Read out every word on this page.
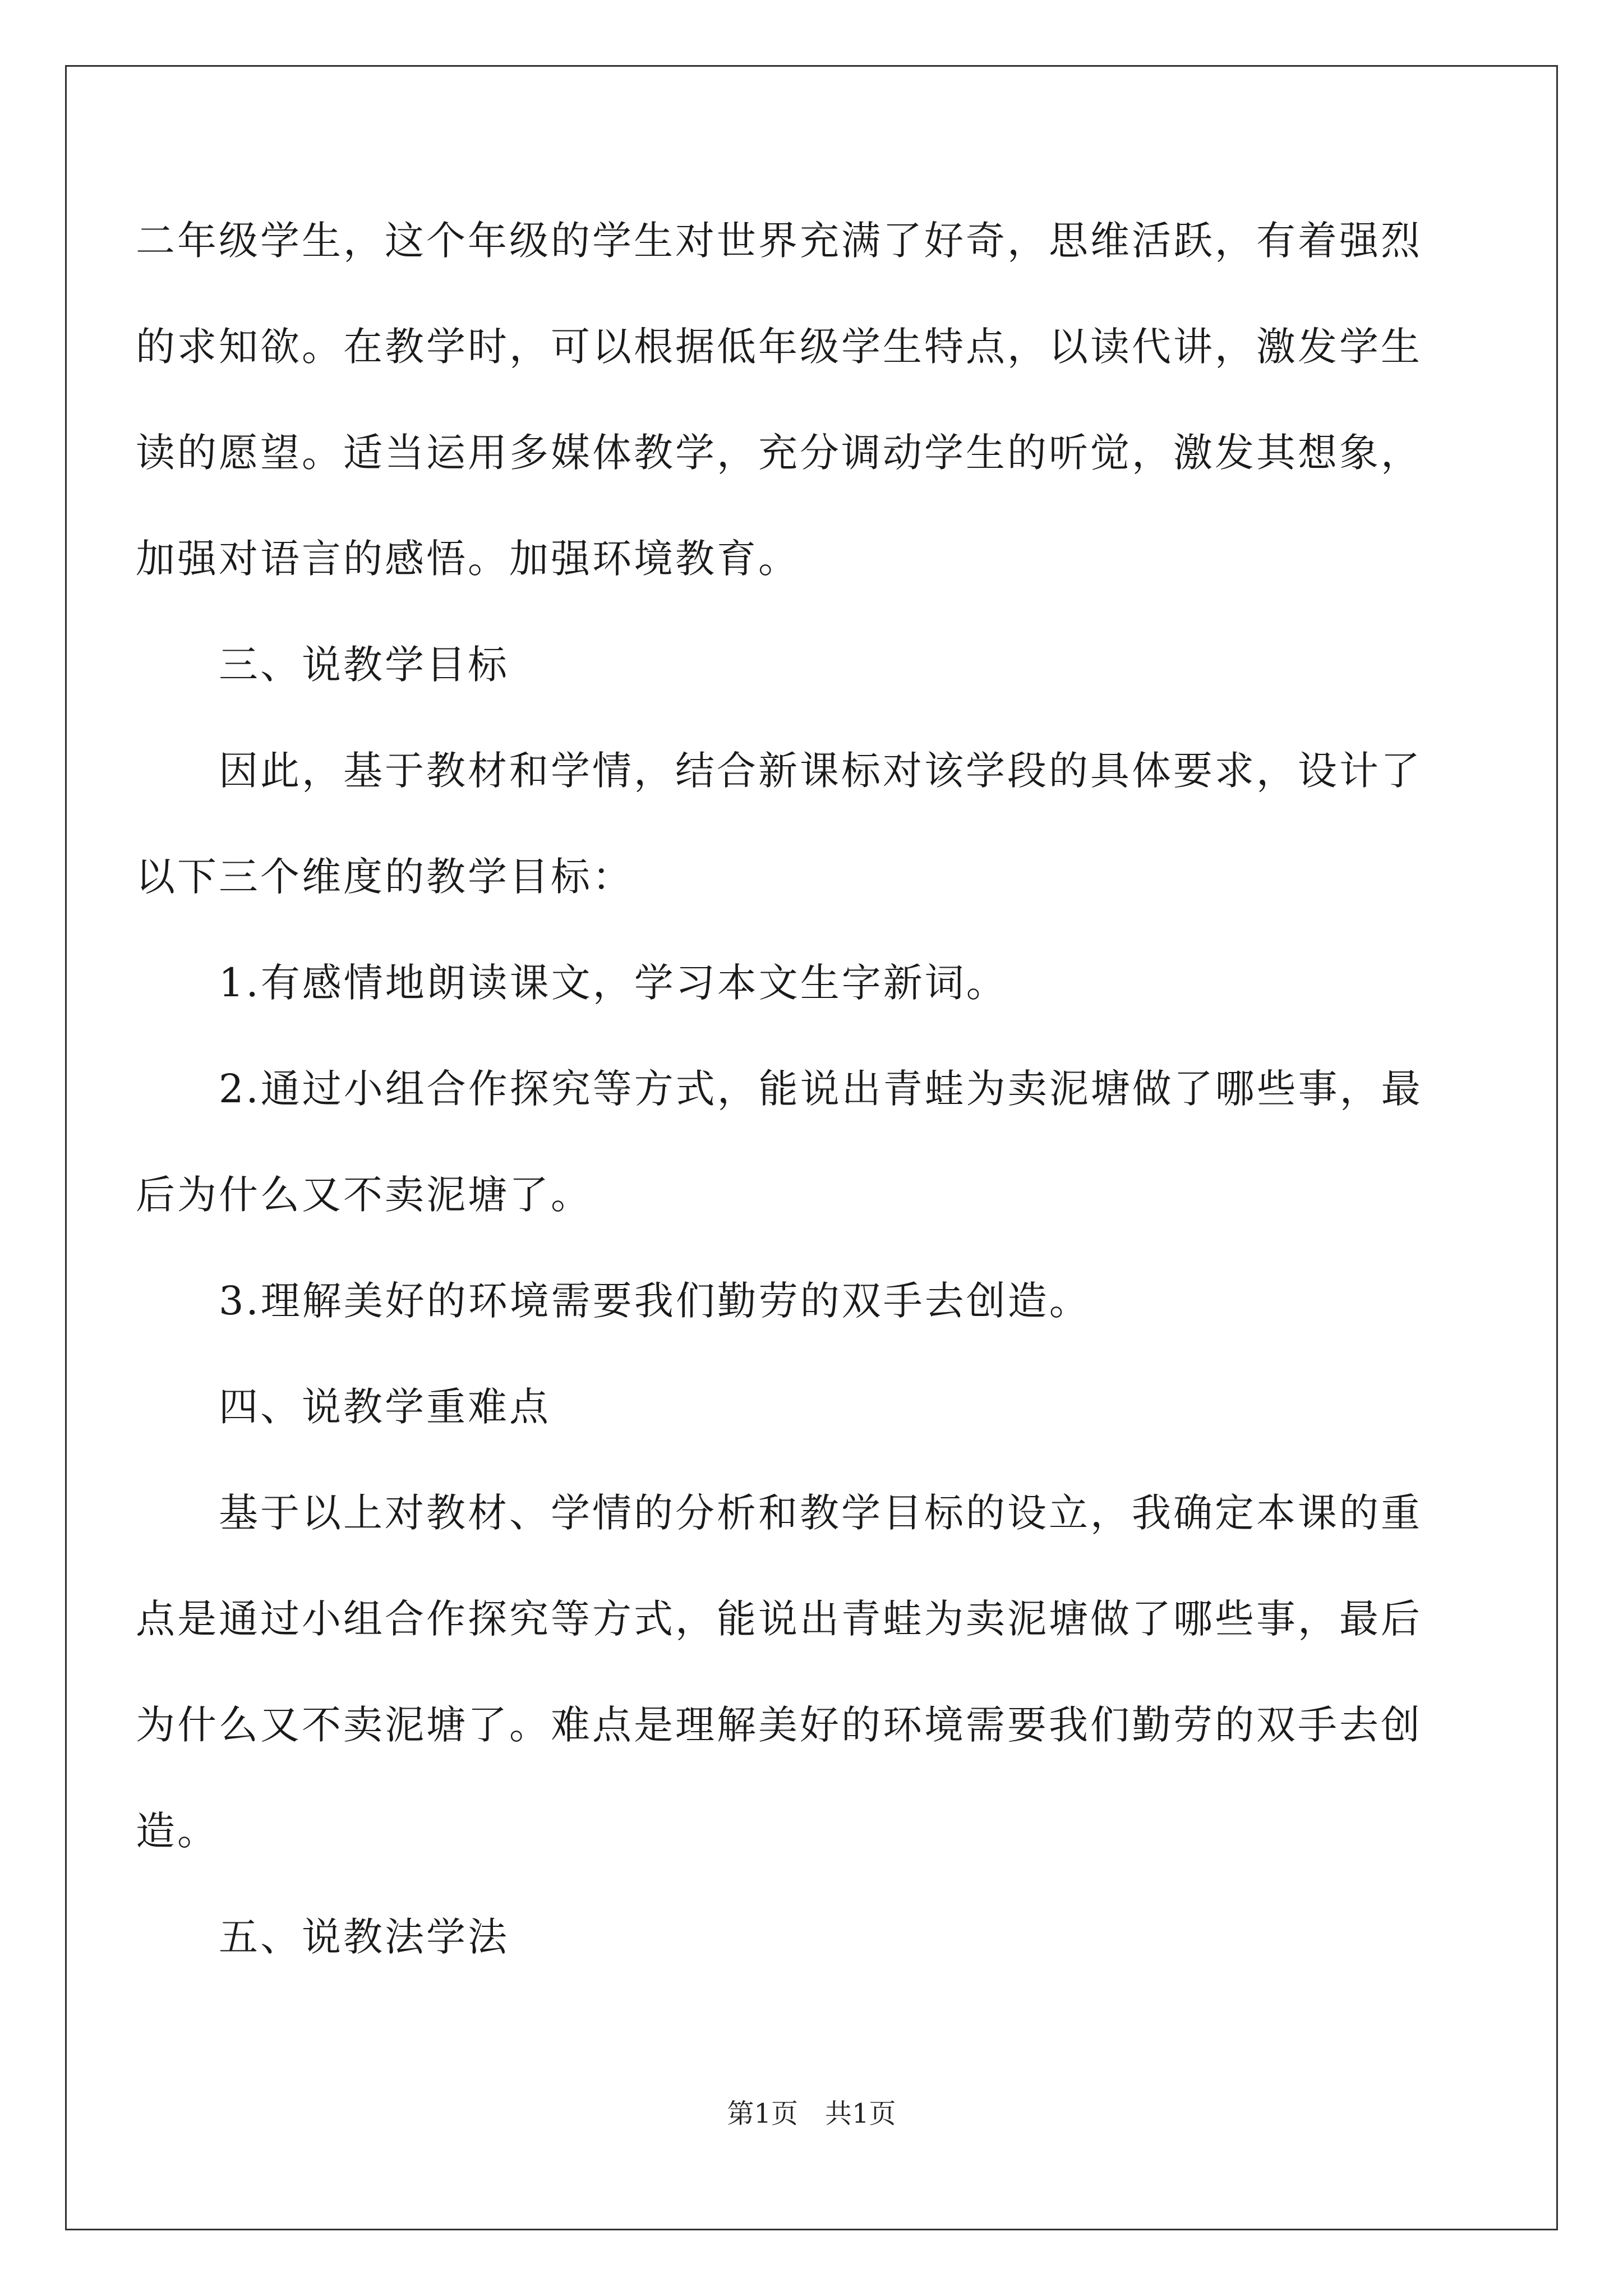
二年级学生，这个年级的学生对世界充满了好奇，思维活跃，有着强烈的求知欲。在教学时，可以根据低年级学生特点，以读代讲，激发学生读的愿望。适当运用多媒体教学，充分调动学生的听觉，激发其想象，加强对语言的感悟。加强环境教育。

三、说教学目标

因此，基于教材和学情，结合新课标对该学段的具体要求，设计了以下三个维度的教学目标：

1.有感情地朗读课文，学习本文生字新词。

2.通过小组合作探究等方式，能说出青蛙为卖泥塘做了哪些事，最后为什么又不卖泥塘了。

3.理解美好的环境需要我们勤劳的双手去创造。

四、说教学重难点

基于以上对教材、学情的分析和教学目标的设立，我确定本课的重点是通过小组合作探究等方式，能说出青蛙为卖泥塘做了哪些事，最后为什么又不卖泥塘了。难点是理解美好的环境需要我们勤劳的双手去创造。

五、说教法学法

第1页　共1页
